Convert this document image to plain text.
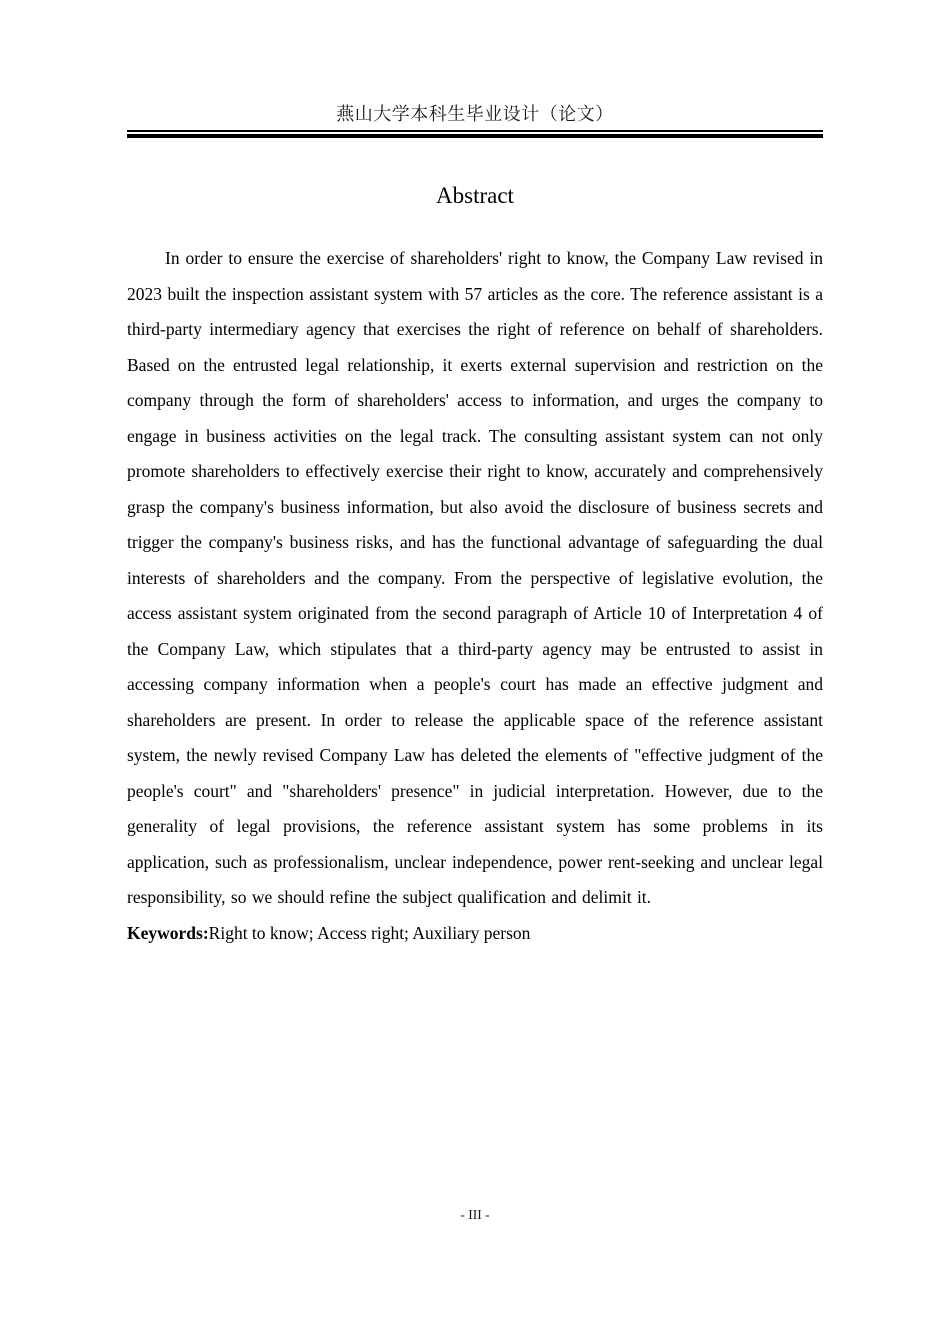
燕山大学本科生毕业设计（论文）
Abstract

In order to ensure the exercise of shareholders' right to know, the Company Law revised in 2023 built the inspection assistant system with 57 articles as the core. The reference assistant is a third-party intermediary agency that exercises the right of reference on behalf of shareholders. Based on the entrusted legal relationship, it exerts external supervision and restriction on the company through the form of shareholders' access to information, and urges the company to engage in business activities on the legal track. The consulting assistant system can not only promote shareholders to effectively exercise their right to know, accurately and comprehensively grasp the company's business information, but also avoid the disclosure of business secrets and trigger the company's business risks, and has the functional advantage of safeguarding the dual interests of shareholders and the company. From the perspective of legislative evolution, the access assistant system originated from the second paragraph of Article 10 of Interpretation 4 of the Company Law, which stipulates that a third-party agency may be entrusted to assist in accessing company information when a people's court has made an effective judgment and shareholders are present. In order to release the applicable space of the reference assistant system, the newly revised Company Law has deleted the elements of "effective judgment of the people's court" and "shareholders' presence" in judicial interpretation. However, due to the generality of legal provisions, the reference assistant system has some problems in its application, such as professionalism, unclear independence, power rent-seeking and unclear legal responsibility, so we should refine the subject qualification and delimit it.

Keywords:Right to know; Access right; Auxiliary person

- III -
